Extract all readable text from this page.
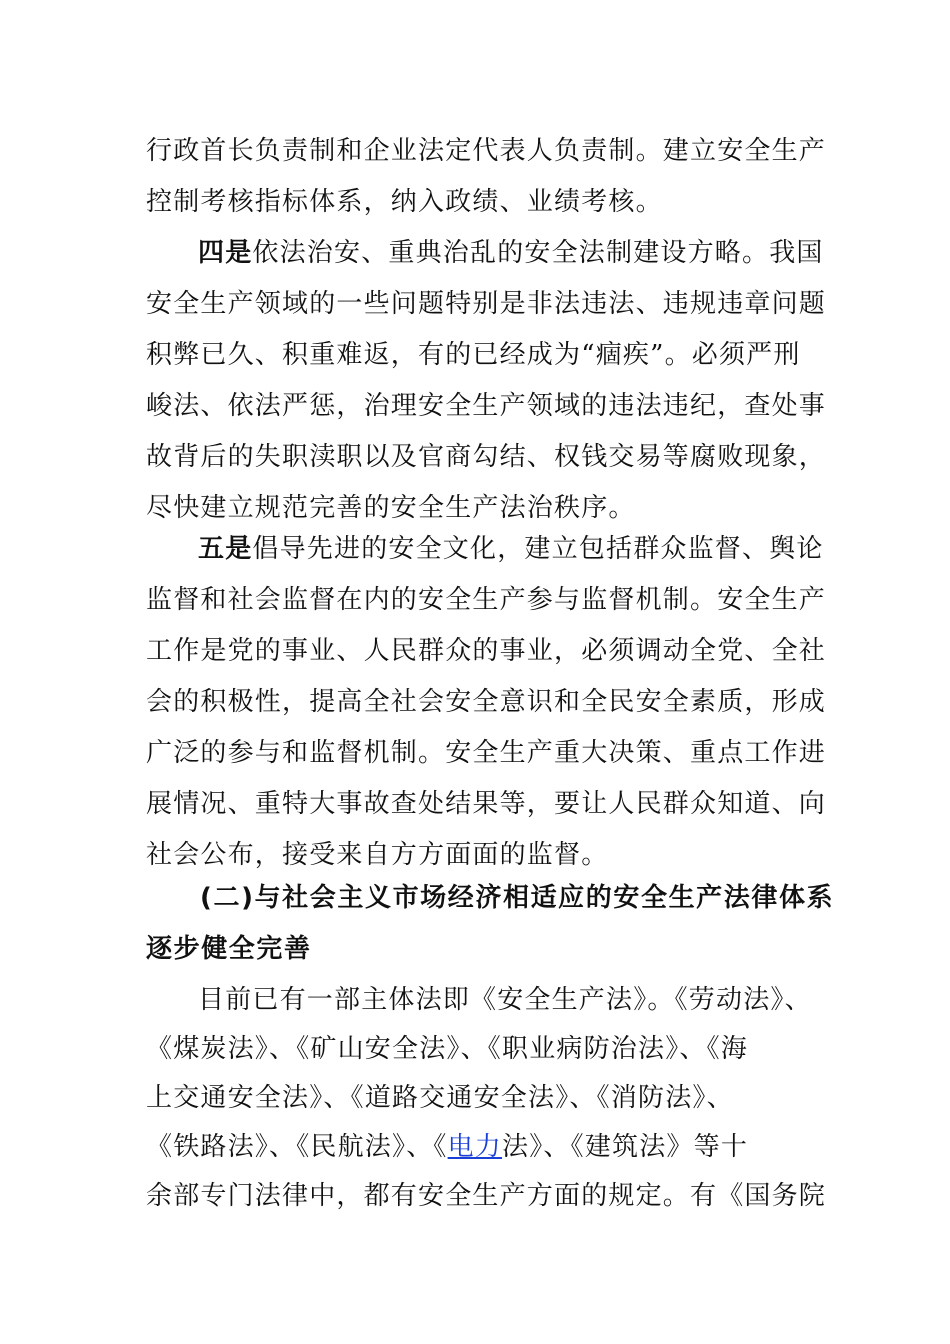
行政首长负责制和企业法定代表人负责制。建立安全生产
控制考核指标体系，纳入政绩、业绩考核。
四是依法治安、重典治乱的安全法制建设方略。我国
安全生产领域的一些问题特别是非法违法、违规违章问题
积弊已久、积重难返，有的已经成为“痼疾”。必须严刑
峻法、依法严惩，治理安全生产领域的违法违纪，查处事
故背后的失职渎职以及官商勾结、权钱交易等腐败现象，
尽快建立规范完善的安全生产法治秩序。
五是倡导先进的安全文化，建立包括群众监督、舆论
监督和社会监督在内的安全生产参与监督机制。安全生产
工作是党的事业、人民群众的事业，必须调动全党、全社
会的积极性，提高全社会安全意识和全民安全素质，形成
广泛的参与和监督机制。安全生产重大决策、重点工作进
展情况、重特大事故查处结果等，要让人民群众知道、向
社会公布，接受来自方方面面的监督。
(二)与社会主义市场经济相适应的安全生产法律体系
逐步健全完善
目前已有一部主体法即《安全生产法》。《劳动法》、
《煤炭法》、《矿山安全法》、《职业病防治法》、《海
上交通安全法》、《道路交通安全法》、《消防法》、
《铁路法》、《民航法》、《电力法》、《建筑法》等十
余部专门法律中，都有安全生产方面的规定。有《国务院
